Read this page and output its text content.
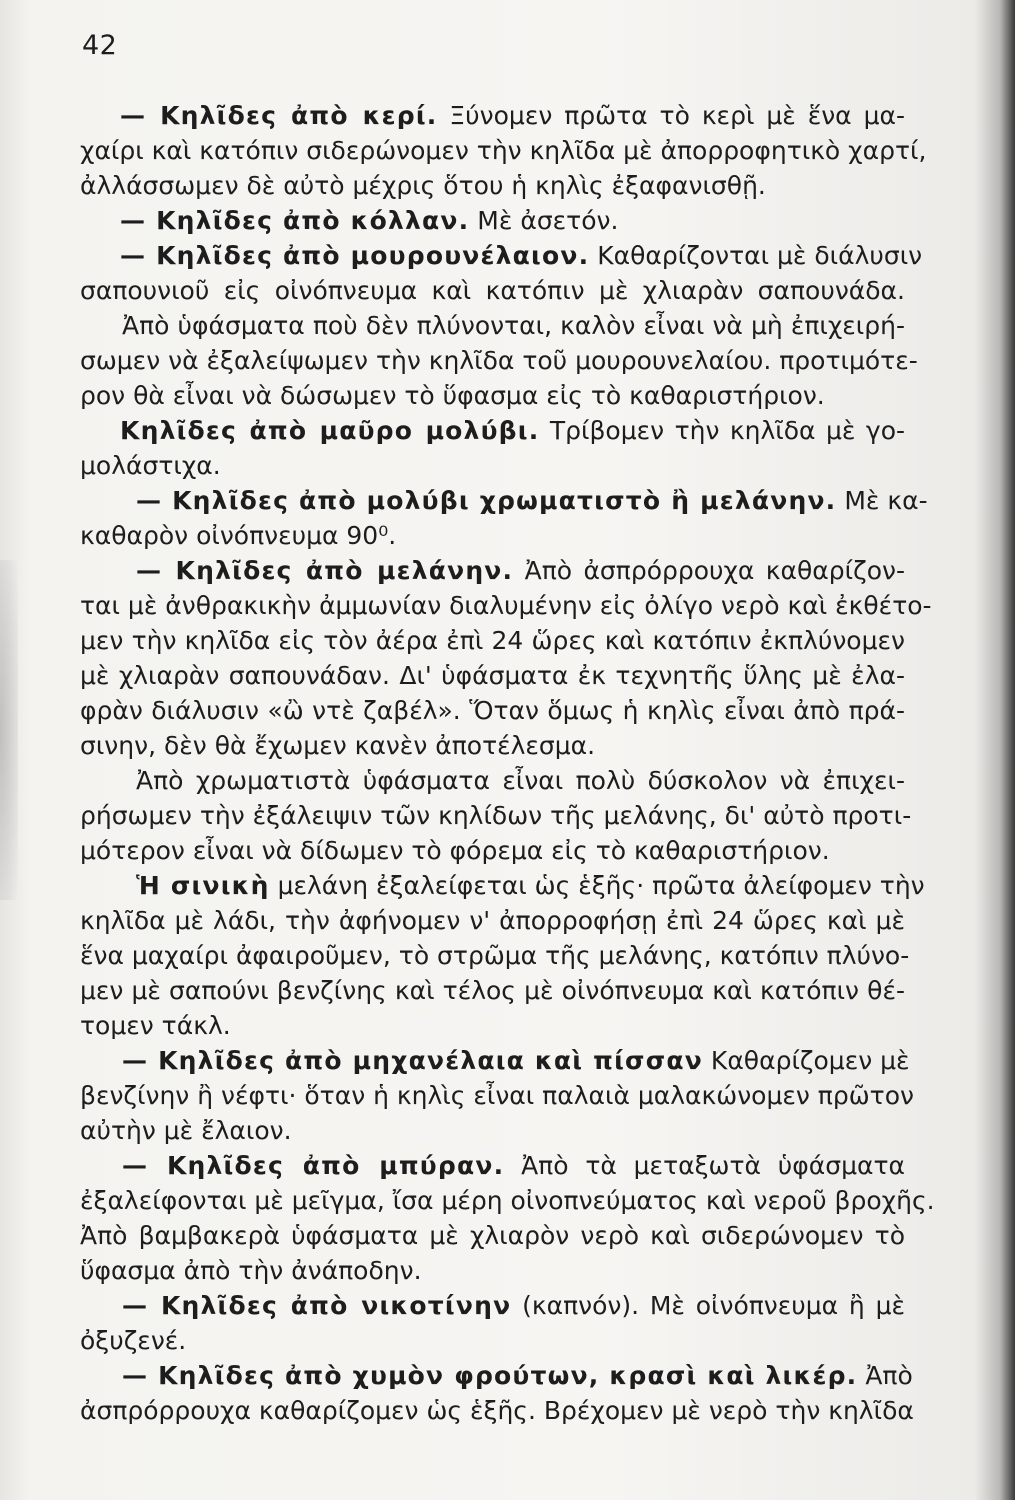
42
— Κηλῖδες ἀπὸ κερί. Ξύνομεν πρῶτα τὸ κερὶ μὲ ἕνα μα-
χαίρι καὶ κατόπιν σιδερώνομεν τὴν κηλῖδα μὲ ἀπορροφητικὸ χαρτί,
ἀλλάσσωμεν δὲ αὐτὸ μέχρις ὅτου ἡ κηλὶς ἐξαφανισθῇ.
— Κηλῖδες ἀπὸ κόλλαν. Μὲ ἀσετόν.
— Κηλῖδες ἀπὸ μουρουνέλαιον. Καθαρίζονται μὲ διάλυσιν
σαπουνιοῦ εἰς οἰνόπνευμα καὶ κατόπιν μὲ χλιαρὰν σαπουνάδα.
Ἀπὸ ὑφάσματα ποὺ δὲν πλύνονται, καλὸν εἶναι νὰ μὴ ἐπιχειρή-
σωμεν νὰ ἐξαλείψωμεν τὴν κηλῖδα τοῦ μουρουνελαίου. προτιμότε-
ρον θὰ εἶναι νὰ δώσωμεν τὸ ὕφασμα εἰς τὸ καθαριστήριον.
Κηλῖδες ἀπὸ μαῦρο μολύβι. Τρίβομεν τὴν κηλῖδα μὲ γο-
μολάστιχα.
— Κηλῖδες ἀπὸ μολύβι χρωματιστὸ ἢ μελάνην. Μὲ κα-
καθαρὸν οἰνόπνευμα 90⁰.
— Κηλῖδες ἀπὸ μελάνην. Ἀπὸ ἀσπρόρρουχα καθαρίζον-
ται μὲ ἀνθρακικὴν ἀμμωνίαν διαλυμένην εἰς ὀλίγο νερὸ καὶ ἐκθέτο-
μεν τὴν κηλῖδα εἰς τὸν ἀέρα ἐπὶ 24 ὥρες καὶ κατόπιν ἐκπλύνομεν
μὲ χλιαρὰν σαπουνάδαν. Δι' ὑφάσματα ἐκ τεχνητῆς ὕλης μὲ ἐλα-
φρὰν διάλυσιν «ὢ ντὲ ζαβέλ». Ὅταν ὅμως ἡ κηλὶς εἶναι ἀπὸ πρά-
σινην, δὲν θὰ ἔχωμεν κανὲν ἀποτέλεσμα.
Ἀπὸ χρωματιστὰ ὑφάσματα εἶναι πολὺ δύσκολον νὰ ἐπιχει-
ρήσωμεν τὴν ἐξάλειψιν τῶν κηλίδων τῆς μελάνης, δι' αὐτὸ προτι-
μότερον εἶναι νὰ δίδωμεν τὸ φόρεμα εἰς τὸ καθαριστήριον.
Ἡ σινικὴ μελάνη ἐξαλείφεται ὡς ἑξῆς· πρῶτα ἀλείφομεν τὴν
κηλῖδα μὲ λάδι, τὴν ἀφήνομεν ν' ἀπορροφήσῃ ἐπὶ 24 ὥρες καὶ μὲ
ἕνα μαχαίρι ἀφαιροῦμεν, τὸ στρῶμα τῆς μελάνης, κατόπιν πλύνο-
μεν μὲ σαπούνι βενζίνης καὶ τέλος μὲ οἰνόπνευμα καὶ κατόπιν θέ-
τομεν τάκλ.
— Κηλῖδες ἀπὸ μηχανέλαια καὶ πίσσαν Καθαρίζομεν μὲ
βενζίνην ἢ νέφτι· ὅταν ἡ κηλὶς εἶναι παλαιὰ μαλακώνομεν πρῶτον
αὐτὴν μὲ ἔλαιον.
— Κηλῖδες ἀπὸ μπύραν. Ἀπὸ τὰ μεταξωτὰ ὑφάσματα
ἐξαλείφονται μὲ μεῖγμα, ἴσα μέρη οἰνοπνεύματος καὶ νεροῦ βροχῆς.
Ἀπὸ βαμβακερὰ ὑφάσματα μὲ χλιαρὸν νερὸ καὶ σιδερώνομεν τὸ
ὕφασμα ἀπὸ τὴν ἀνάποδην.
— Κηλῖδες ἀπὸ νικοτίνην (καπνόν). Μὲ οἰνόπνευμα ἢ μὲ
ὀξυζενέ.
— Κηλῖδες ἀπὸ χυμὸν φρούτων, κρασὶ καὶ λικέρ. Ἀπὸ
ἀσπρόρρουχα καθαρίζομεν ὡς ἑξῆς. Βρέχομεν μὲ νερὸ τὴν κηλῖδα
